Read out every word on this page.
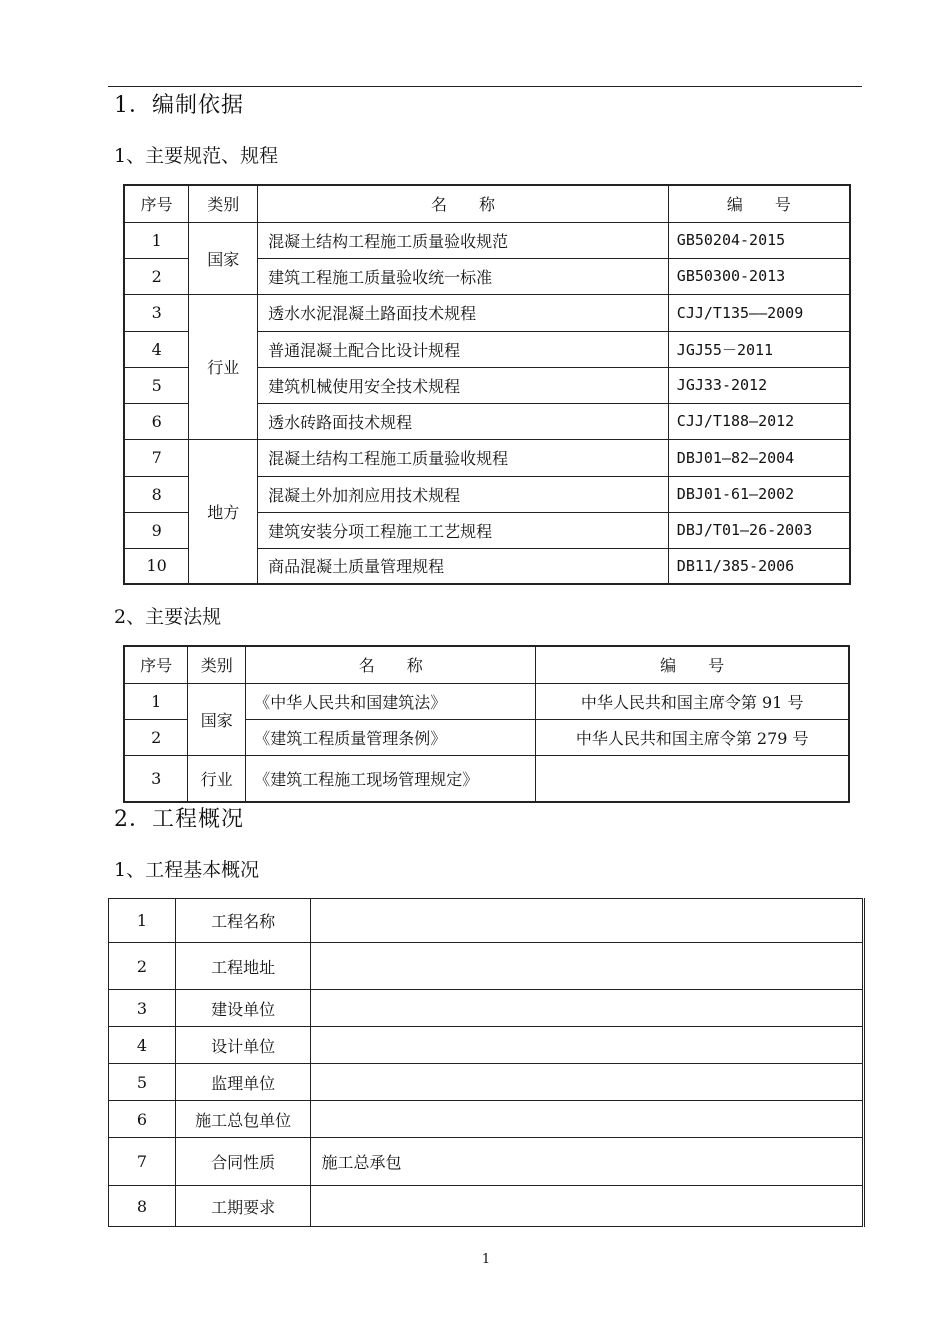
1．编制依据
1、主要规范、规程
序号	类别	名　　称	编　　号
1	国家	混凝土结构工程施工质量验收规范	GB50204-2015
2		建筑工程施工质量验收统一标准	GB50300-2013
3	行业	透水水泥混凝土路面技术规程	CJJ/T135——2009
4		普通混凝土配合比设计规程	JGJ55－2011
5		建筑机械使用安全技术规程	JGJ33-2012
6		透水砖路面技术规程	CJJ/T188—2012
7	地方	混凝土结构工程施工质量验收规程	DBJ01—82—2004
8		混凝土外加剂应用技术规程	DBJ01-61—2002
9		建筑安装分项工程施工工艺规程	DBJ/T01—26-2003
10		商品混凝土质量管理规程	DB11/385-2006
2、主要法规
序号	类别	名　　称	编　　号
1	国家	《中华人民共和国建筑法》	中华人民共和国主席令第 91 号
2		《建筑工程质量管理条例》	中华人民共和国主席令第 279 号
3	行业	《建筑工程施工现场管理规定》	
2．工程概况
1、工程基本概况
1	工程名称	
2	工程地址	
3	建设单位	
4	设计单位	
5	监理单位	
6	施工总包单位	
7	合同性质	施工总承包
8	工期要求	
1
